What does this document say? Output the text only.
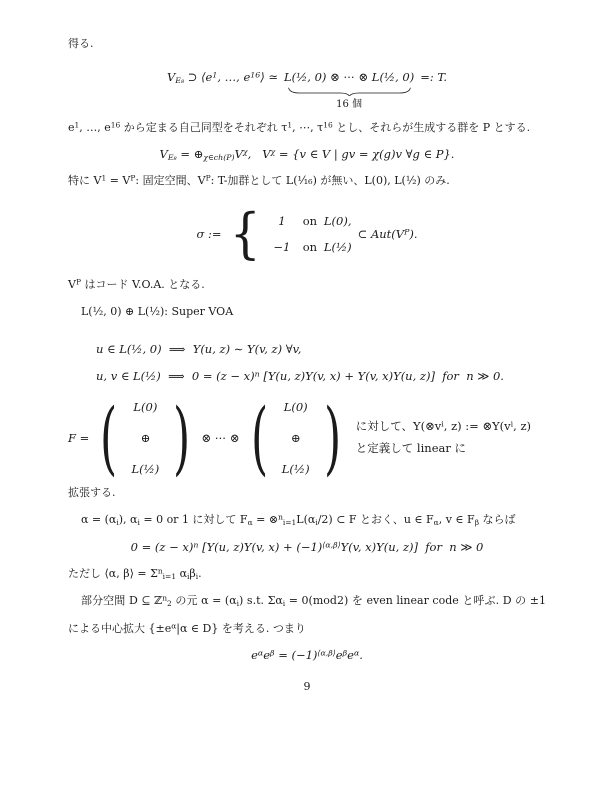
得る.

$V_{E_8}$ ⊃ $⟨e^1$, …, $e^{16}⟩$ ≃ L(½, 0) ⊗ ⋯ ⊗ L(½, 0)
16 個
=: T.

$e^1$, …, $e^{16}$ から定まる自己同型をそれぞれ $\tau^1$, ⋯, $\tau^{16}$ とし、それらが生成する群を P とする.

$V_{E_8}$ = $\oplus_{\chi\in ch(P)}V^\chi$,   $V^\chi = \{v$ ∈ V | gv = χ(g)v ∀g ∈ P}.

特に $V^1 = V^P$: 固定空間、$V^P$: T-加群として L(¹⁄₁₆) が無い、L(0), L(½) のみ.

σ := {	1	on L(0),
−1	on L(½)
⊂ $Aut(V^P)$.

$V^P$ はコード V.O.A. となる.

L(½, 0) ⊕ L(½): Super VOA

u ∈ L(½, 0)  ⟹  Y(u, z) ∼ Y(v, z) ∀v,
u, v ∈ L(½)  ⟹  $0 = (z - x)^n$ [Y(u, z)Y(v, x) + Y(v, x)Y(u, z)]  for  n ≫ 0.
F = ( L(0)
⊕
L(½) ) ⊗ ⋯ ⊗ ( L(0)
⊕
L(½) )	に対して、$Y(\otimes v^i$, z) := $\otimes Y(v^i$, z) と定義して linear に

拡張する.

$\alpha = (\alpha_i)$, $\alpha_i = 0$ or 1 に対して $F_\alpha$ = $\otimes^n_{i=1}L(\alpha_i/2)$ ⊂ F とおく、u ∈ $F_\alpha$, v ∈ $F_\beta$ ならば

$0 = (z - x)^n$ [Y(u, z)Y(v, $x) + (-1)^{⟨\alpha,\beta⟩}Y(v$, x)Y(u, z)]  for  n ≫ 0

ただし ⟨α, β⟩ = $\Sigma^n_{i=1}$ $\alpha_i\beta_i$.

部分空間 D ⊆ ℤ$^n_2$ の元 $\alpha = (\alpha_i)$ s.t. $\Sigma\alpha_i = 0(mod2)$ を even linear code と呼ぶ. D の ±1 による中心拡大 {$\pm e^\alpha|\alpha$ ∈ D} を考える. つまり

$e^\alpha e^\beta = (-1)^{⟨\alpha,\beta⟩}e^\beta e^\alpha$.
9
